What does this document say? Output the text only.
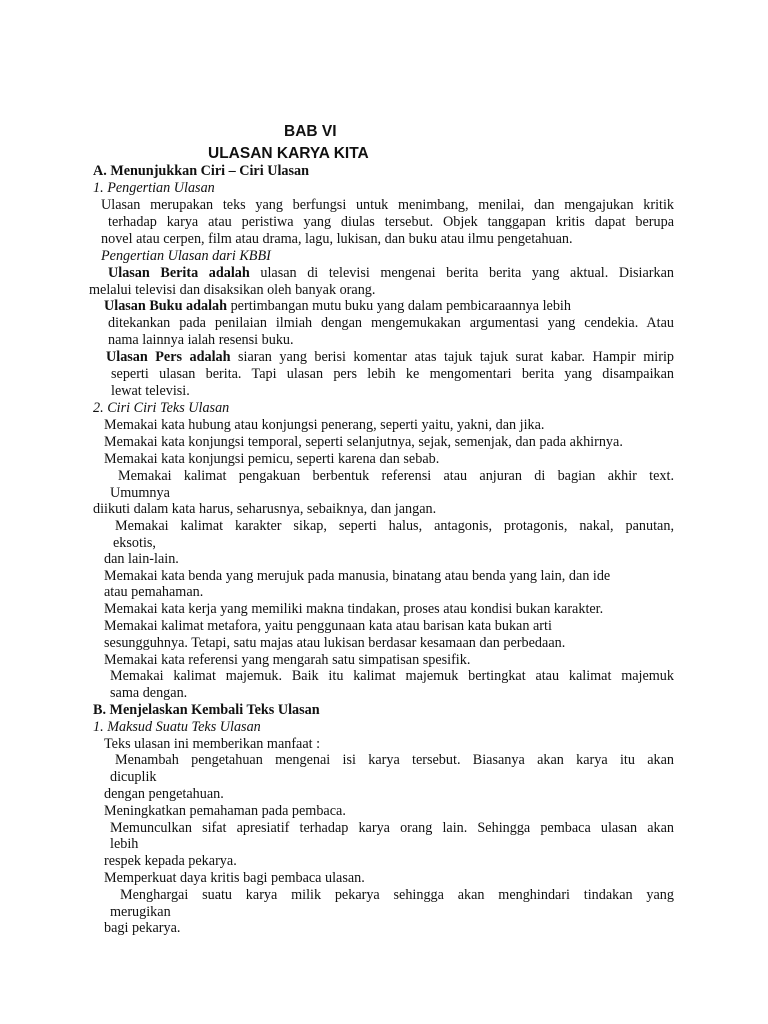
BAB VI
ULASAN KARYA KITA
A. Menunjukkan Ciri – Ciri Ulasan
1. Pengertian Ulasan
Ulasan merupakan teks yang berfungsi untuk menimbang, menilai, dan mengajukan kritik
terhadap karya atau peristiwa yang diulas tersebut. Objek tanggapan kritis dapat berupa
novel atau cerpen, film atau drama, lagu, lukisan, dan buku atau ilmu pengetahuan.
Pengertian Ulasan dari KBBI
Ulasan Berita adalah ulasan di televisi mengenai berita berita yang aktual. Disiarkan
melalui televisi dan disaksikan oleh banyak orang.
Ulasan Buku adalah pertimbangan mutu buku yang dalam pembicaraannya lebih
ditekankan pada penilaian ilmiah dengan mengemukakan argumentasi yang cendekia. Atau
nama lainnya ialah resensi buku.
Ulasan Pers adalah siaran yang berisi komentar atas tajuk tajuk surat kabar. Hampir mirip
seperti ulasan berita. Tapi ulasan pers lebih ke mengomentari berita yang disampaikan
lewat televisi.
2. Ciri Ciri Teks Ulasan
Memakai kata hubung atau konjungsi penerang, seperti yaitu, yakni, dan jika.
Memakai kata konjungsi temporal, seperti selanjutnya, sejak, semenjak, dan pada akhirnya.
Memakai kata konjungsi pemicu, seperti karena dan sebab.
Memakai kalimat pengakuan berbentuk referensi atau anjuran di bagian akhir text.
Umumnya
diikuti dalam kata harus, seharusnya, sebaiknya, dan jangan.
Memakai kalimat karakter sikap, seperti halus, antagonis, protagonis, nakal, panutan,
eksotis,
dan lain-lain.
Memakai kata benda yang merujuk pada manusia, binatang atau benda yang lain, dan ide
atau pemahaman.
Memakai kata kerja yang memiliki makna tindakan, proses atau kondisi bukan karakter.
Memakai kalimat metafora, yaitu penggunaan kata atau barisan kata bukan arti
sesungguhnya. Tetapi, satu majas atau lukisan berdasar kesamaan dan perbedaan.
Memakai kata referensi yang mengarah satu simpatisan spesifik.
Memakai kalimat majemuk. Baik itu kalimat majemuk bertingkat atau kalimat majemuk
sama dengan.
B. Menjelaskan Kembali Teks Ulasan
1. Maksud Suatu Teks Ulasan
Teks ulasan ini memberikan manfaat :
Menambah pengetahuan mengenai isi karya tersebut. Biasanya akan karya itu akan
dicuplik
dengan pengetahuan.
Meningkatkan pemahaman pada pembaca.
Memunculkan sifat apresiatif terhadap karya orang lain. Sehingga pembaca ulasan akan
lebih
respek kepada pekarya.
Memperkuat daya kritis bagi pembaca ulasan.
Menghargai suatu karya milik pekarya sehingga akan menghindari tindakan yang
merugikan
bagi pekarya.
